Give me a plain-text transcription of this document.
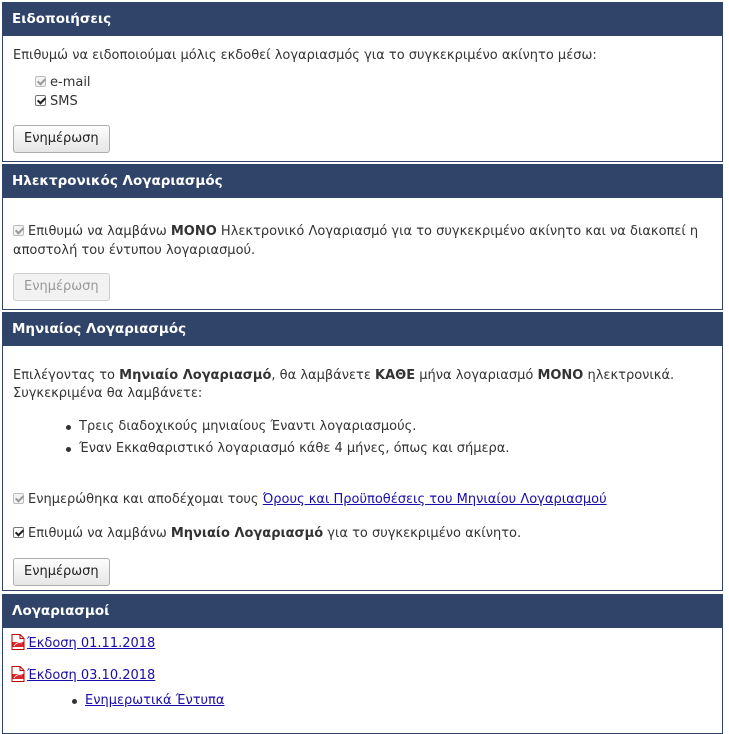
Ειδοποιήσεις
Επιθυμώ να ειδοποιούμαι μόλις εκδοθεί λογαριασμός για το συγκεκριμένο ακίνητο μέσω:
e-mail
SMS
Ενημέρωση
Ηλεκτρονικός Λογαριασμός
Επιθυμώ να λαμβάνω ΜΟΝΟ Ηλεκτρονικό Λογαριασμό για το συγκεκριμένο ακίνητο και να διακοπεί η
αποστολή του έντυπου λογαριασμού.
Ενημέρωση
Μηνιαίος Λογαριασμός
Επιλέγοντας το Μηνιαίο Λογαριασμό, θα λαμβάνετε ΚΑΘΕ μήνα λογαριασμό ΜΟΝΟ ηλεκτρονικά.
Συγκεκριμένα θα λαμβάνετε:
Τρεις διαδοχικούς μηνιαίους Έναντι λογαριασμούς.
Έναν Εκκαθαριστικό λογαριασμό κάθε 4 μήνες, όπως και σήμερα.
Ενημερώθηκα και αποδέχομαι τους Όρους και Προϋποθέσεις του Μηνιαίου Λογαριασμού
Επιθυμώ να λαμβάνω Μηνιαίο Λογαριασμό για το συγκεκριμένο ακίνητο.
Ενημέρωση
Λογαριασμοί
Έκδοση 01.11.2018
Έκδοση 03.10.2018
Ενημερωτικά Έντυπα
